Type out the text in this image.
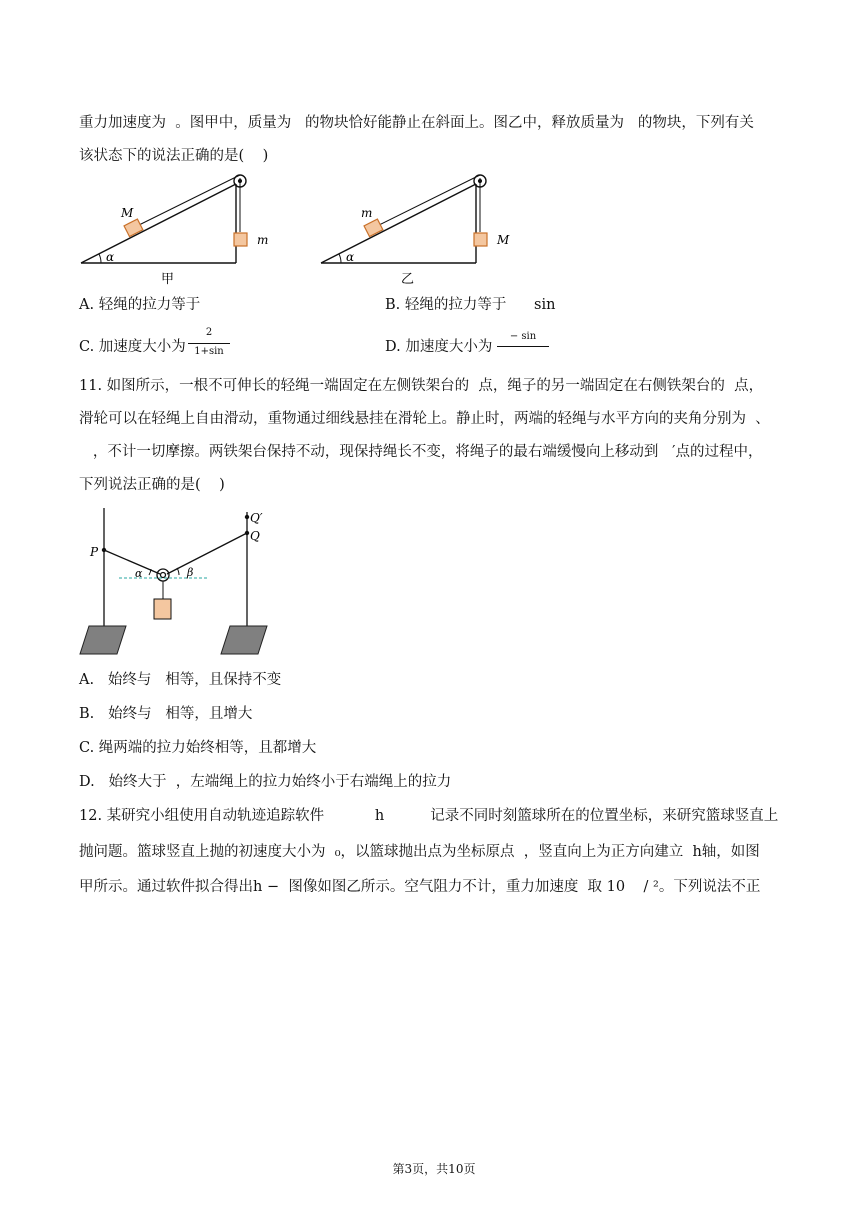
重力加速度为  。图甲中，质量为   的物块恰好能静止在斜面上。图乙中，释放质量为   的物块，下列有关
该状态下的说法正确的是(    )
M
m
α
甲
m
M
α
乙
A. 轻绳的拉力等于	B. 轻绳的拉力等于      sin
C. 加速度大小为
2
1+sin	D. 加速度大小为
− sin
11. 如图所示，一根不可伸长的轻绳一端固定在左侧铁架台的  点，绳子的另一端固定在右侧铁架台的  点，
滑轮可以在轻绳上自由滑动，重物通过细线悬挂在滑轮上。静止时，两端的轻绳与水平方向的夹角分别为  、
，不计一切摩擦。两铁架台保持不动，现保持绳长不变，将绳子的最右端缓慢向上移动到   ′点的过程中，
下列说法正确的是(    )
P
Q
Q′
α	β
A.   始终与   相等，且保持不变
B.   始终与   相等，且增大
C. 绳两端的拉力始终相等，且都增大
D.   始终大于  ，左端绳上的拉力始终小于右端绳上的拉力
12. 某研究小组使用自动轨迹追踪软件           h          记录不同时刻篮球所在的位置坐标，来研究篮球竖直上
抛问题。篮球竖直上抛的初速度大小为  ₀，以篮球抛出点为坐标原点  ，竖直向上为正方向建立  h轴，如图
甲所示。通过软件拟合得出h −  图像如图乙所示。空气阻力不计，重力加速度  取 10    / ²。下列说法不正
第3页，共10页
